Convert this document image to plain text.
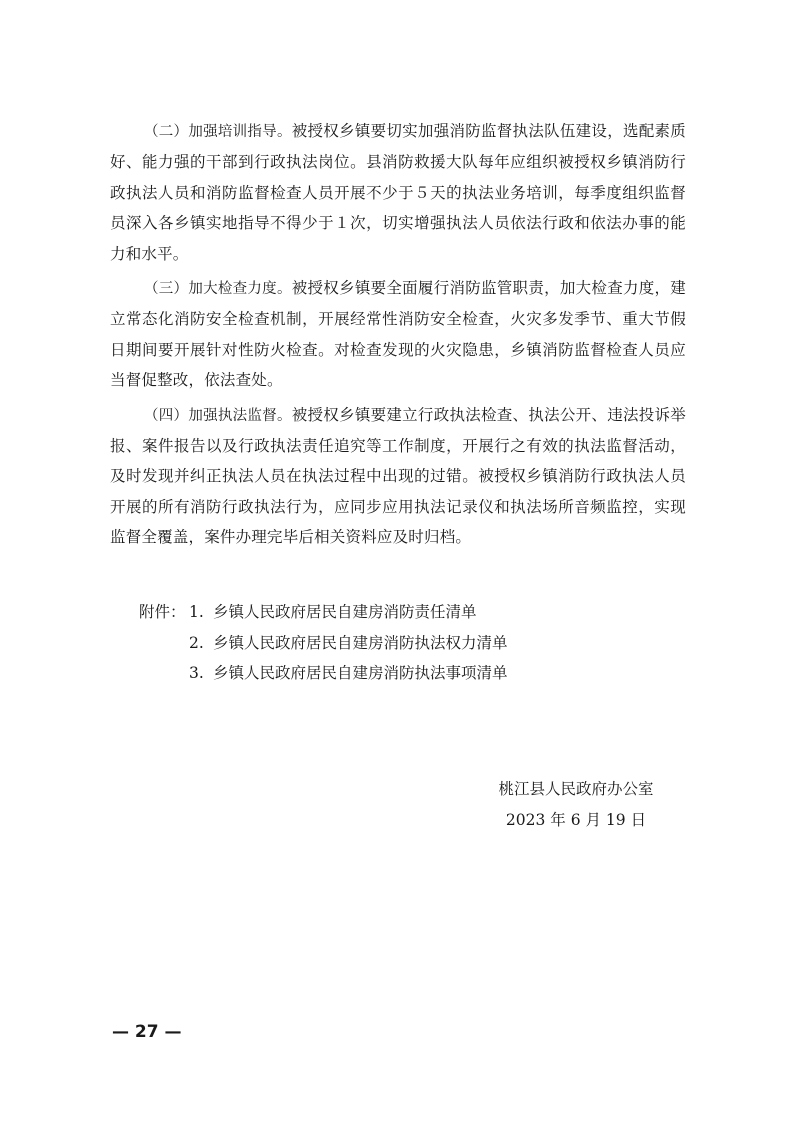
（二）加强培训指导。被授权乡镇要切实加强消防监督执法队伍建设，选配素质好、能力强的干部到行政执法岗位。县消防救援大队每年应组织被授权乡镇消防行政执法人员和消防监督检查人员开展不少于５天的执法业务培训，每季度组织监督员深入各乡镇实地指导不得少于１次，切实增强执法人员依法行政和依法办事的能力和水平。

（三）加大检查力度。被授权乡镇要全面履行消防监管职责，加大检查力度，建立常态化消防安全检查机制，开展经常性消防安全检查，火灾多发季节、重大节假日期间要开展针对性防火检查。对检查发现的火灾隐患，乡镇消防监督检查人员应当督促整改，依法查处。

（四）加强执法监督。被授权乡镇要建立行政执法检查、执法公开、违法投诉举报、案件报告以及行政执法责任追究等工作制度，开展行之有效的执法监督活动，及时发现并纠正执法人员在执法过程中出现的过错。被授权乡镇消防行政执法人员开展的所有消防行政执法行为，应同步应用执法记录仪和执法场所音频监控，实现监督全覆盖，案件办理完毕后相关资料应及时归档。

附件： 1. 乡镇人民政府居民自建房消防责任清单
2. 乡镇人民政府居民自建房消防执法权力清单
3. 乡镇人民政府居民自建房消防执法事项清单
桃江县人民政府办公室
2023 年 6 月 19 日
— 27 —
